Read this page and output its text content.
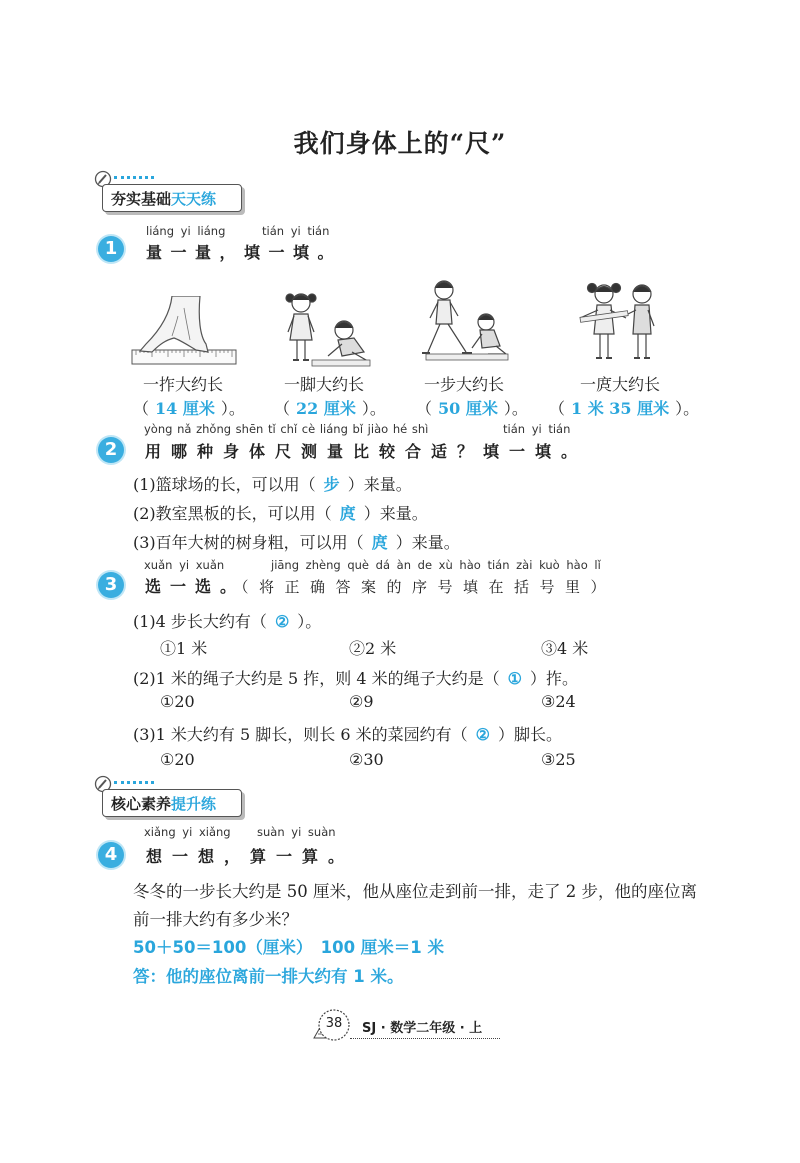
我们身体上的“尺”
夯实基础天天练
1
liáng yi liáng	tián yi tián
量一量，填一填。
一拃大约长	一脚大约长	一步大约长	一庹大约长
（ 14 厘米 ）。 （ 22 厘米 ）。 （ 50 厘米 ）。 （ 1 米 35 厘米 ）。
2
yòng nǎ zhǒng shēn tǐ chǐ cè liáng bǐ jiào hé shì	tián yi tián
用哪种身体尺测量比较合适？填一填。
(1)篮球场的长，可以用（ 步 ）来量。
(2)教室黑板的长，可以用（ 庹 ）来量。
(3)百年大树的树身粗，可以用（ 庹 ）来量。
3
xuǎn yi xuǎn	jiāng zhèng què dá àn de xù hào tián zài kuò hào lǐ
选一选。（将正确答案的序号填在括号里）
(1)4 步长大约有（ ② ）。
①1 米	②2 米	③4 米
(2)1 米的绳子大约是 5 拃，则 4 米的绳子大约是（ ① ）拃。
①20	②9	③24
(3)1 米大约有 5 脚长，则长 6 米的菜园约有（ ② ）脚长。
①20	②30	③25
核心素养提升练
4
xiǎng yi xiǎng suàn yi suàn
想一想，算一算。
冬冬的一步长大约是 50 厘米，他从座位走到前一排，走了 2 步，他的座位离
前一排大约有多少米？
50＋50＝100（厘米）　100 厘米＝1 米
答：他的座位离前一排大约有 1 米。
38 SJ · 数学二年级 · 上
